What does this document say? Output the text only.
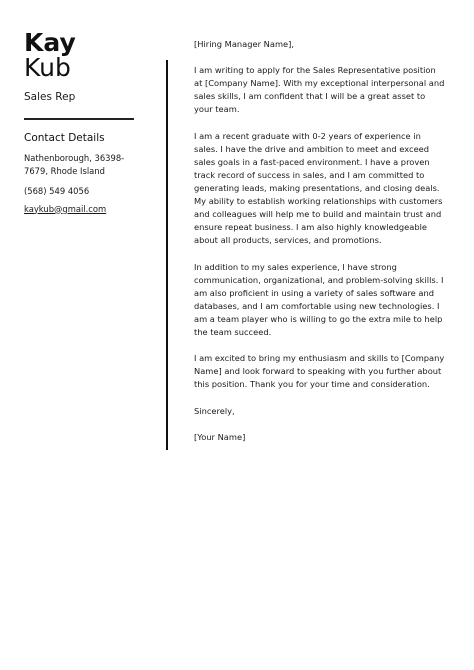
Kay
Kub
Sales Rep
Contact Details
Nathenborough, 36398-7679, Rhode Island
(568) 549 4056
kaykub@gmail.com

[Hiring Manager Name],

I am writing to apply for the Sales Representative position at [Company Name]. With my exceptional interpersonal and sales skills, I am confident that I will be a great asset to your team.

I am a recent graduate with 0-2 years of experience in sales. I have the drive and ambition to meet and exceed sales goals in a fast-paced environment. I have a proven track record of success in sales, and I am committed to generating leads, making presentations, and closing deals. My ability to establish working relationships with customers and colleagues will help me to build and maintain trust and ensure repeat business. I am also highly knowledgeable about all products, services, and promotions.

In addition to my sales experience, I have strong communication, organizational, and problem-solving skills. I am also proficient in using a variety of sales software and databases, and I am comfortable using new technologies. I am a team player who is willing to go the extra mile to help the team succeed.

I am excited to bring my enthusiasm and skills to [Company Name] and look forward to speaking with you further about this position. Thank you for your time and consideration.

Sincerely,

[Your Name]
